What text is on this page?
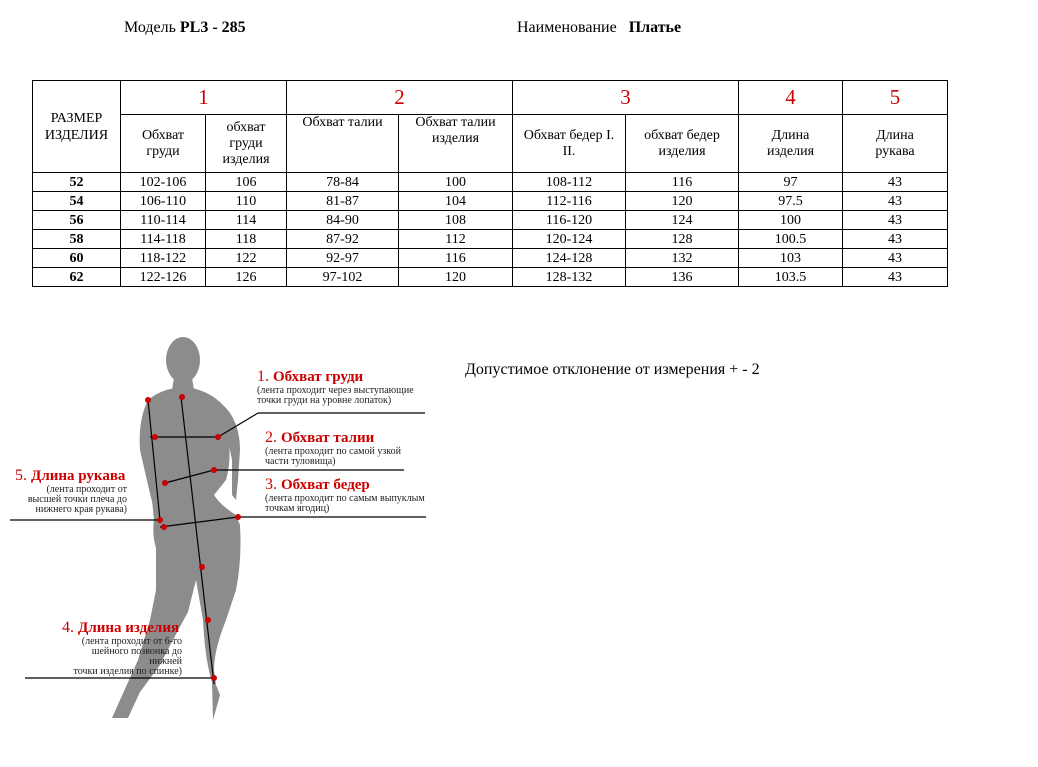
Модель PL3 - 285	Наименование Платье
РАЗМЕР
ИЗДЕЛИЯ	1		2		3		4	5

	Обхват груди	обхват груди изделия	Обхват талии	Обхват талии изделия	Обхват бедер I. II.	обхват бедер изделия	Длина изделия	Длина рукава

52	102-106	106	78-84	100	108-112	116	97	43
54	106-110	110	81-87	104	112-116	120	97.5	43
56	110-114	114	84-90	108	116-120	124	100	43
58	114-118	118	87-92	112	120-124	128	100.5	43
60	118-122	122	92-97	116	124-128	132	103	43
62	122-126	126	97-102	120	128-132	136	103.5	43
Допустимое отклонение от измерения + - 2
1. Обхват груди
(лента проходит через выступающие
точки груди на уровне лопаток)
2. Обхват талии
(лента проходит по самой узкой
части туловища)
3. Обхват бедер
(лента проходит по самым выпуклым
точкам ягодиц)
5. Длина рукава
(лента проходит от
высшей точки плеча до
нижнего края рукава)
4. Длина изделия
(лента проходит от 6-го
шейного позвонка до нижней
точки изделия по спинке)
